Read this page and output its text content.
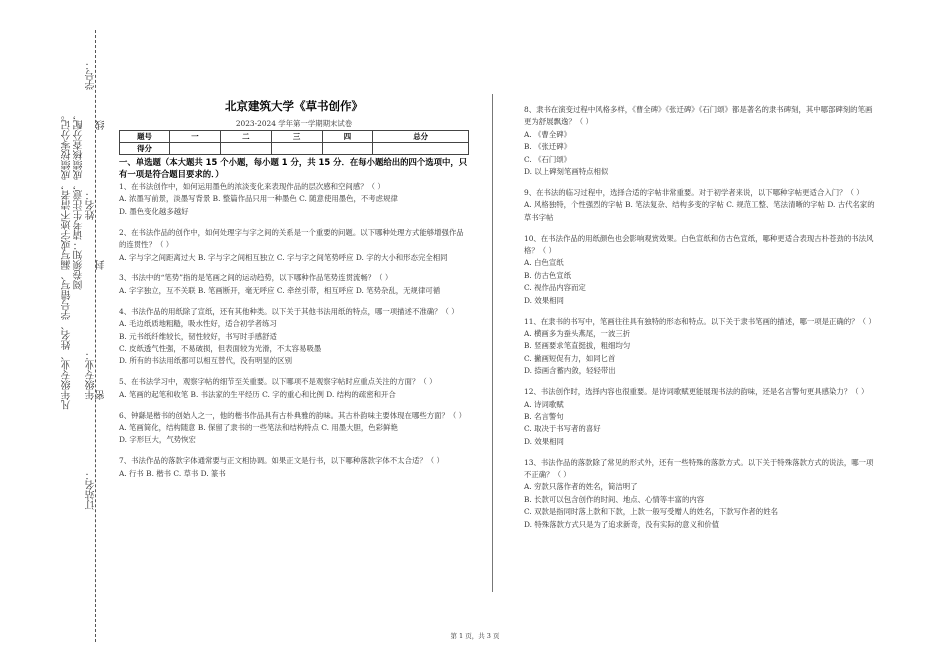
学号：
姓名：
年级专业：
订站名：
阅卷须知：请考生注意，成绩核查分配，
凡年级专业、姓名、学号错写、漏写或字迹不清者，成绩按零分记。 线
封
密
北京建筑大学《草书创作》
2023-2024 学年第一学期期末试卷
题号	一	二	三	四	总分
得分					
一、单选题（本大题共 15 个小题，每小题 1 分，共 15 分．在每小题给出的四个选项中，只有一项是符合题目要求的．）

1、在书法创作中，如何运用墨色的浓淡变化来表现作品的层次感和空间感？（ ）

A. 浓墨写前景，淡墨写背景 B. 整篇作品只用一种墨色 C. 随意使用墨色，不考虑规律

D. 墨色变化越多越好

2、在书法作品的创作中，如何处理字与字之间的关系是一个重要的问题。以下哪种处理方式能够增强作品的连贯性？（ ）

A. 字与字之间距离过大 B. 字与字之间相互独立 C. 字与字之间笔势呼应 D. 字的大小和形态完全相同

3、书法中的“笔势”指的是笔画之间的运动趋势，以下哪种作品笔势连贯流畅？（ ）

A. 字字独立，互不关联 B. 笔画断开，毫无呼应 C. 牵丝引带，相互呼应 D. 笔势杂乱，无规律可循

4、书法作品的用纸除了宣纸，还有其他种类。以下关于其他书法用纸的特点，哪一项描述不准确？（ ）

A. 毛边纸质地粗糙，吸水性好，适合初学者练习

B. 元书纸纤维较长，韧性较好，书写时手感舒适

C. 皮纸透气性强，不易破损，但表面较为光滑，不太容易吸墨

D. 所有的书法用纸都可以相互替代，没有明显的区别

5、在书法学习中，观察字帖的细节至关重要。以下哪项不是观察字帖时应重点关注的方面？（ ）

A. 笔画的起笔和收笔 B. 书法家的生平经历 C. 字的重心和比例 D. 结构的疏密和开合

6、钟繇是楷书的创始人之一，他的楷书作品具有古朴典雅的韵味。其古朴韵味主要体现在哪些方面？（ ）

A. 笔画简化，结构随意 B. 保留了隶书的一些笔法和结构特点 C. 用墨大胆，色彩鲜艳

D. 字形巨大，气势恢宏

7、书法作品的落款字体通常要与正文相协调。如果正文是行书，以下哪种落款字体不太合适？（ ）

A. 行书 B. 楷书 C. 草书 D. 篆书

8、隶书在演变过程中风格多样，《曹全碑》《张迁碑》《石门颂》都是著名的隶书碑刻，其中哪部碑刻的笔画更为舒展飘逸？（ ）

A. 《曹全碑》

B. 《张迁碑》

C. 《石门颂》

D. 以上碑刻笔画特点相似

9、在书法的临习过程中，选择合适的字帖非常重要。对于初学者来说，以下哪种字帖更适合入门？（ ）

A. 风格独特，个性强烈的字帖 B. 笔法复杂、结构多变的字帖 C. 规范工整、笔法清晰的字帖 D. 古代名家的草书字帖

10、在书法作品的用纸颜色也会影响观赏效果。白色宣纸和仿古色宣纸，哪种更适合表现古朴苍劲的书法风格？（ ）

A. 白色宣纸

B. 仿古色宣纸

C. 视作品内容而定

D. 效果相同

11、在隶书的书写中，笔画往往具有独特的形态和特点。以下关于隶书笔画的描述，哪一项是正确的？（ ）

A. 横画多为蚕头燕尾，一波三折

B. 竖画要求笔直挺拔，粗细均匀

C. 撇画短促有力，如同匕首

D. 捺画含蓄内敛，轻轻带出

12、书法创作时，选择内容也很重要。是诗词歌赋更能展现书法的韵味，还是名言警句更具感染力？（ ）

A. 诗词歌赋

B. 名言警句

C. 取决于书写者的喜好

D. 效果相同

13、书法作品的落款除了常见的形式外，还有一些特殊的落款方式。以下关于特殊落款方式的说法，哪一项不正确？（ ）

A. 穷款只落作者的姓名，简洁明了

B. 长款可以包含创作的时间、地点、心情等丰富的内容

C. 双款是指同时落上款和下款，上款一般写受赠人的姓名，下款写作者的姓名

D. 特殊落款方式只是为了追求新奇，没有实际的意义和价值

第 1 页，共 3 页
